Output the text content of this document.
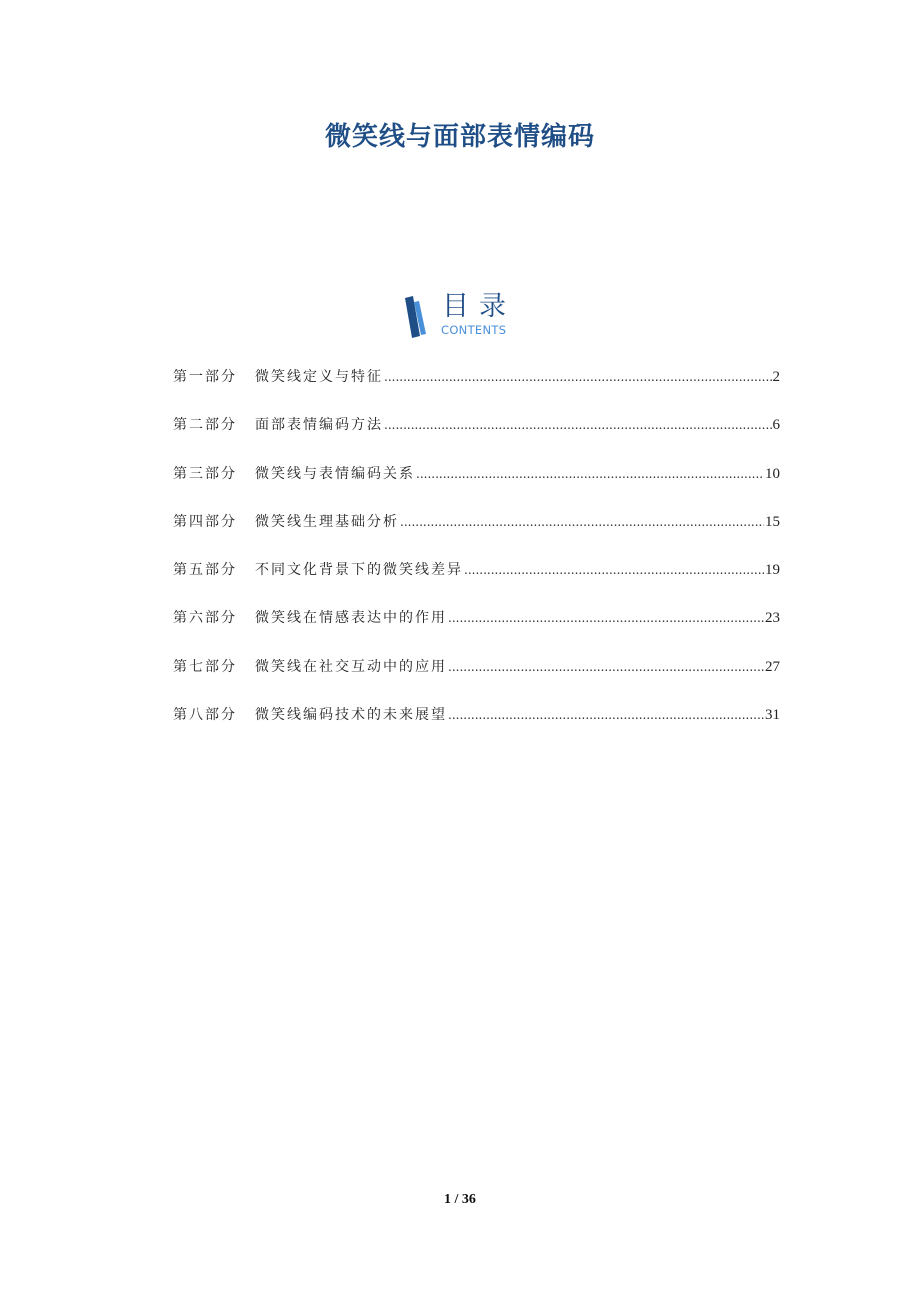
微笑线与面部表情编码
目录
CONTENTS
第一部分	微笑线定义与特征 .....	2
第二部分	面部表情编码方法 .....	6
第三部分	微笑线与表情编码关系 .....	10
第四部分	微笑线生理基础分析 .....	15
第五部分	不同文化背景下的微笑线差异 .....	19
第六部分	微笑线在情感表达中的作用 .....	23
第七部分	微笑线在社交互动中的应用 .....	27
第八部分	微笑线编码技术的未来展望 .....	31
1 / 36
